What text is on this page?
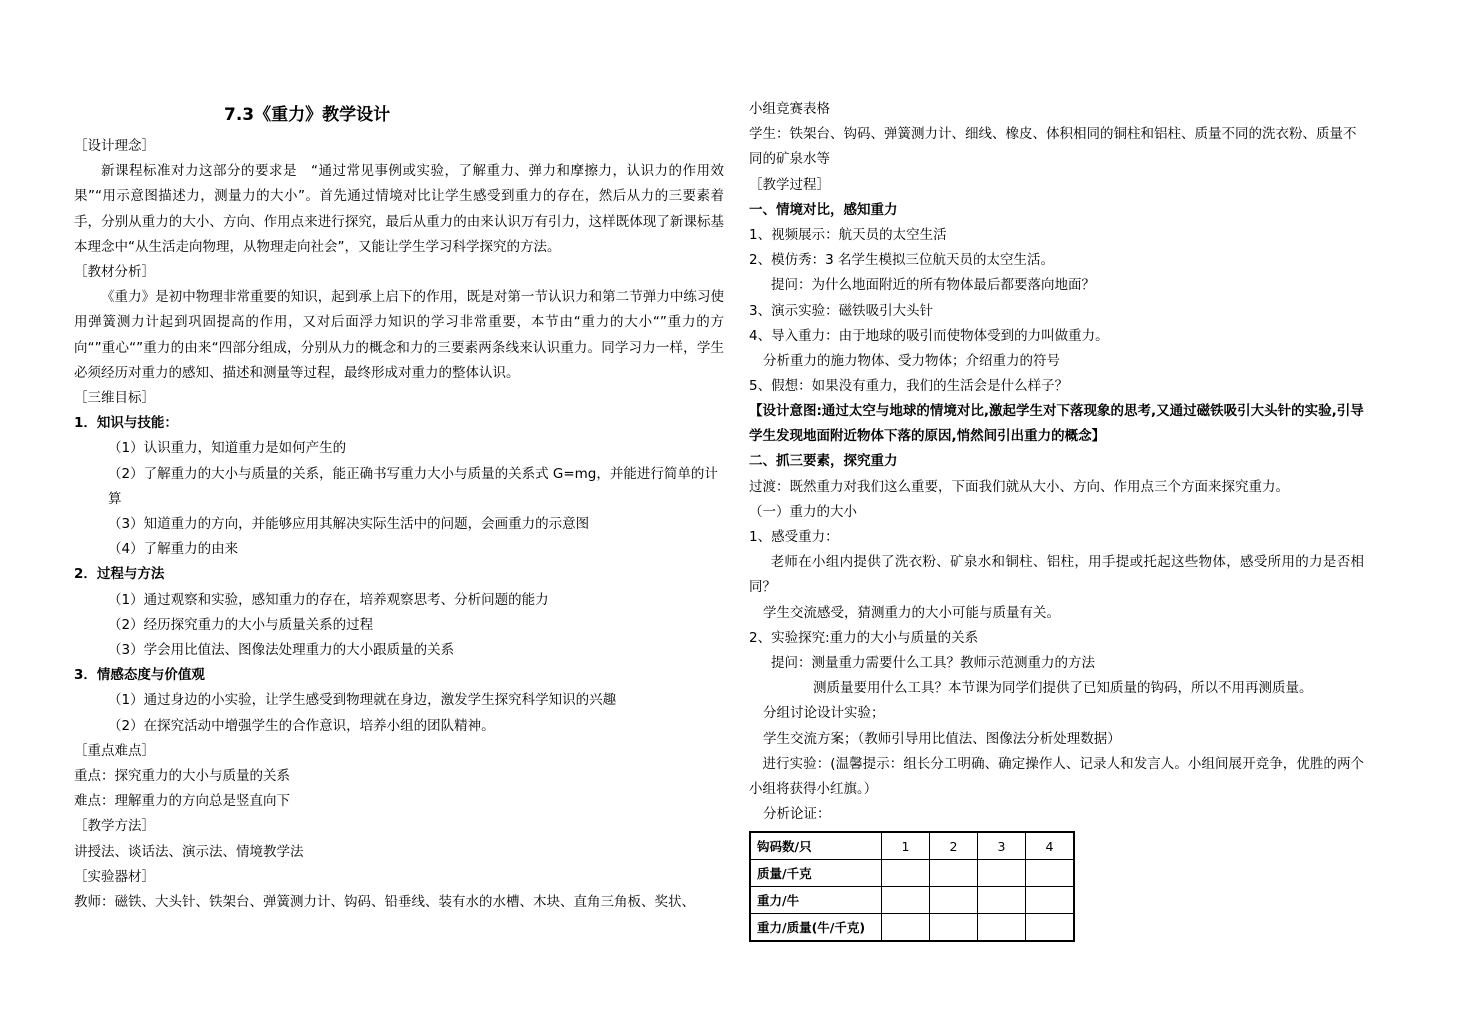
7.3《重力》教学设计
［设计理念］
新课程标准对力这部分的要求是　“通过常见事例或实验，了解重力、弹力和摩擦力，认识力的作用效果”“用示意图描述力，测量力的大小”。首先通过情境对比让学生感受到重力的存在，然后从力的三要素着手，分别从重力的大小、方向、作用点来进行探究，最后从重力的由来认识万有引力，这样既体现了新课标基本理念中“从生活走向物理，从物理走向社会”，又能让学生学习科学探究的方法。
［教材分析］
《重力》是初中物理非常重要的知识，起到承上启下的作用，既是对第一节认识力和第二节弹力中练习使用弹簧测力计起到巩固提高的作用，又对后面浮力知识的学习非常重要，本节由“重力的大小“”重力的方向“”重心“”重力的由来“四部分组成，分别从力的概念和力的三要素两条线来认识重力。同学习力一样，学生必须经历对重力的感知、描述和测量等过程，最终形成对重力的整体认识。
［三维目标］
1．知识与技能：
（1）认识重力，知道重力是如何产生的
（2）了解重力的大小与质量的关系，能正确书写重力大小与质量的关系式 G=mg，并能进行简单的计算
（3）知道重力的方向，并能够应用其解决实际生活中的问题，会画重力的示意图
（4）了解重力的由来
2．过程与方法
（1）通过观察和实验，感知重力的存在，培养观察思考、分析问题的能力
（2）经历探究重力的大小与质量关系的过程
（3）学会用比值法、图像法处理重力的大小跟质量的关系
3．情感态度与价值观
（1）通过身边的小实验，让学生感受到物理就在身边，激发学生探究科学知识的兴趣
（2）在探究活动中增强学生的合作意识，培养小组的团队精神。
［重点难点］
重点：探究重力的大小与质量的关系
难点：理解重力的方向总是竖直向下
［教学方法］
讲授法、谈话法、演示法、情境教学法
［实验器材］
教师：磁铁、大头针、铁架台、弹簧测力计、钩码、铅垂线、装有水的水槽、木块、直角三角板、奖状、
小组竞赛表格
学生：铁架台、钩码、弹簧测力计、细线、橡皮、体积相同的铜柱和铝柱、质量不同的洗衣粉、质量不同的矿泉水等
［教学过程］
一、情境对比，感知重力
1、视频展示：航天员的太空生活
2、模仿秀：3 名学生模拟三位航天员的太空生活。
提问：为什么地面附近的所有物体最后都要落向地面？
3、演示实验：磁铁吸引大头针
4、导入重力：由于地球的吸引而使物体受到的力叫做重力。
分析重力的施力物体、受力物体；介绍重力的符号
5、假想：如果没有重力，我们的生活会是什么样子？
【设计意图:通过太空与地球的情境对比,激起学生对下落现象的思考,又通过磁铁吸引大头针的实验,引导学生发现地面附近物体下落的原因,悄然间引出重力的概念】
二、抓三要素，探究重力
过渡：既然重力对我们这么重要，下面我们就从大小、方向、作用点三个方面来探究重力。
（一）重力的大小
1、感受重力：
老师在小组内提供了洗衣粉、矿泉水和铜柱、铝柱，用手提或托起这些物体，感受所用的力是否相同？
学生交流感受，猜测重力的大小可能与质量有关。
2、实验探究:重力的大小与质量的关系
提问：测量重力需要什么工具？教师示范测重力的方法
测质量要用什么工具？本节课为同学们提供了已知质量的钩码，所以不用再测质量。
分组讨论设计实验；
学生交流方案；（教师引导用比值法、图像法分析处理数据）
进行实验：(温馨提示：组长分工明确、确定操作人、记录人和发言人。小组间展开竞争，优胜的两个小组将获得小红旗。）
分析论证：
钩码数/只	1	2	3	4
质量/千克				
重力/牛				
重力/质量(牛/千克)				
